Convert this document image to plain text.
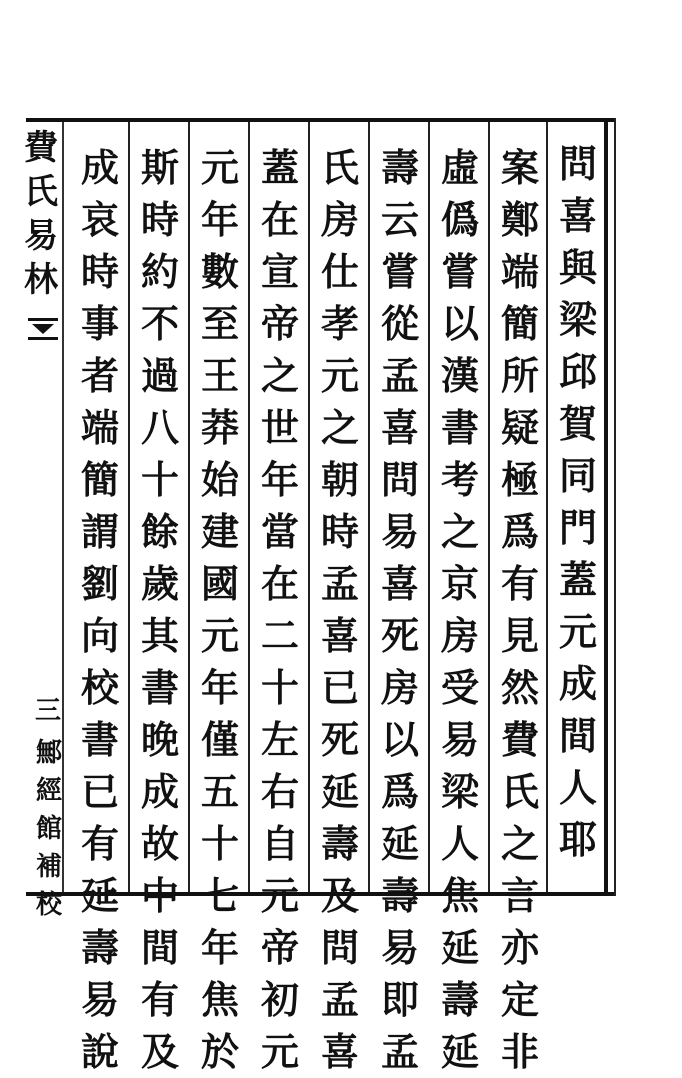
費
氏
易
林
問
喜
與
梁
邱
賀
同
門
蓋
元
成
間
人
耶
案
鄭
端
簡
所
疑
極
爲
有
見
然
費
氏
之
言
亦
定
非
虛
僞
嘗
以
漢
書
考
之
京
房
受
易
梁
人
焦
延
壽
延
壽
云
嘗
從
孟
喜
問
易
喜
死
房
以
爲
延
壽
易
即
孟
氏
房
仕
孝
元
之
朝
時
孟
喜
已
死
延
壽
及
問
孟
喜
蓋
在
宣
帝
之
世
年
當
在
二
十
左
右
自
元
帝
初
元
元
年
數
至
王
莽
始
建
國
元
年
僅
五
十
七
年
焦
於
斯
時
約
不
過
八
十
餘
歲
其
書
晚
成
故
中
間
有
及
成
哀
時
事
者
端
簡
謂
劉
向
校
書
已
有
延
壽
易
說
三
鄦
經
館
補
校
